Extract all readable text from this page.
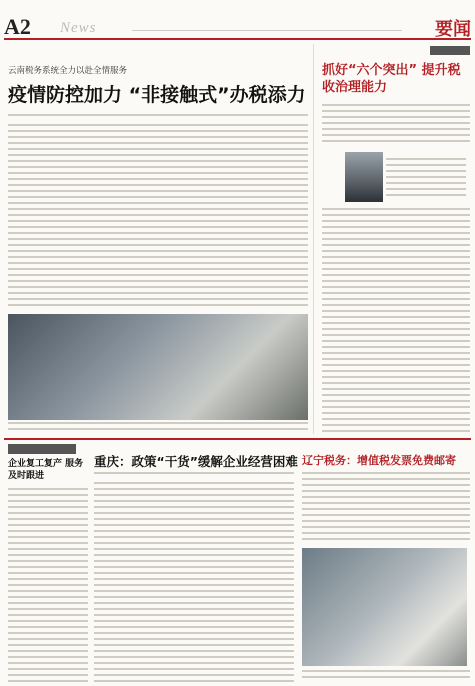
A2 News	要闻
云南税务系统全力以赴全情服务
疫情防控加力 “非接触式”办税添力
抓好“六个突出” 提升税收治理能力
企业复工复产 服务及时跟进
重庆：政策“干货”缓解企业经营困难 辽宁税务：增值税发票免费邮寄
